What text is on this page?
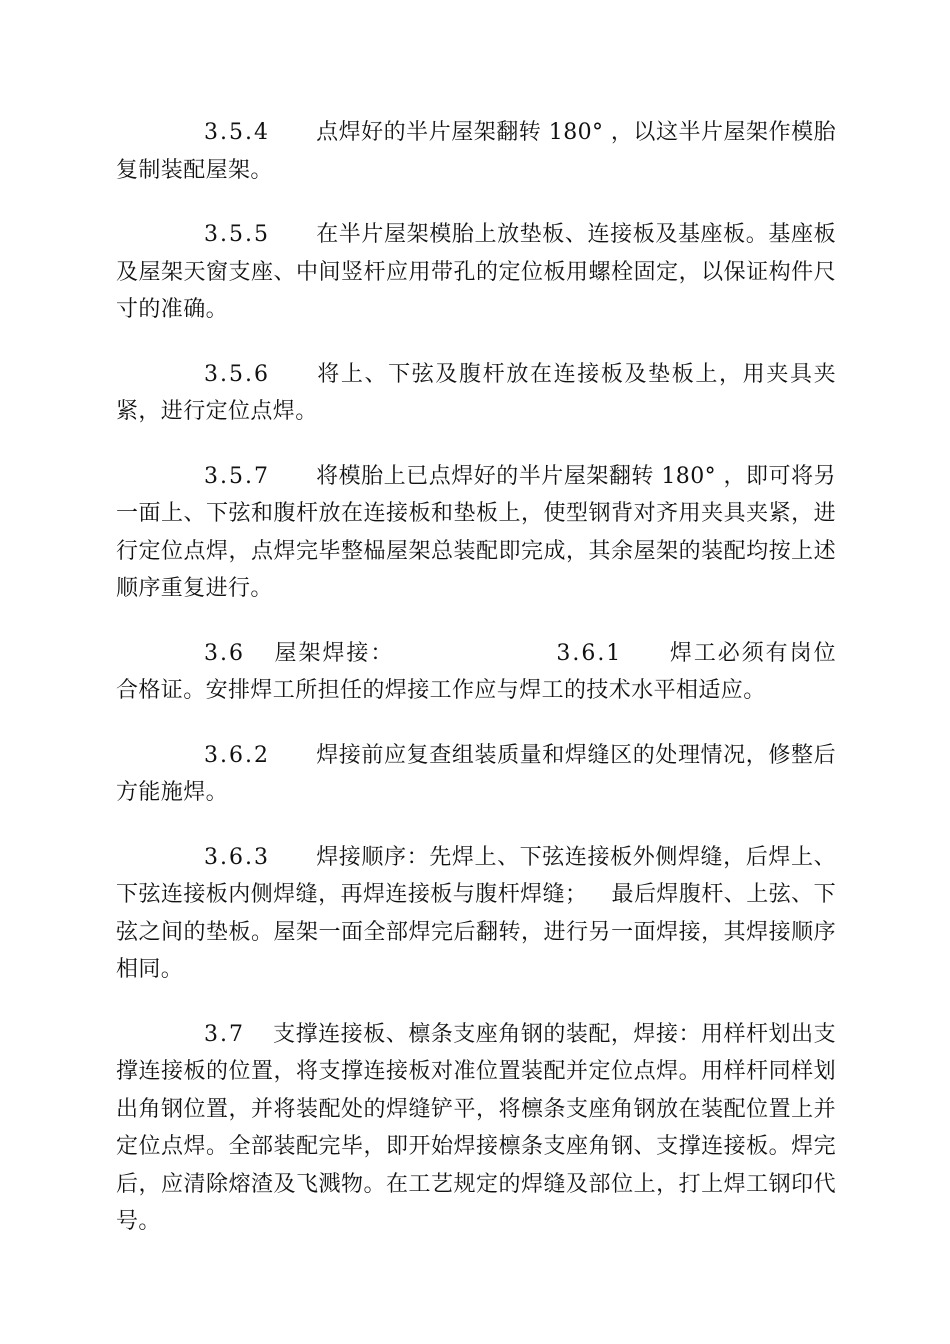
3.5.4 点焊好的半片屋架翻转 180° ，以这半片屋架作模胎复制装配屋架。

3.5.5 在半片屋架模胎上放垫板、连接板及基座板。基座板及屋架天窗支座、中间竖杆应用带孔的定位板用螺栓固定，以保证构件尺寸的准确。

3.5.6 将上、下弦及腹杆放在连接板及垫板上，用夹具夹紧，进行定位点焊。

3.5.7 将模胎上已点焊好的半片屋架翻转 180° ，即可将另一面上、下弦和腹杆放在连接板和垫板上，使型钢背对齐用夹具夹紧，进行定位点焊，点焊完毕整榀屋架总装配即完成，其余屋架的装配均按上述顺序重复进行。

3.6 屋架焊接：	3.6.1 焊工必须有岗位合格证。安排焊工所担任的焊接工作应与焊工的技术水平相适应。

3.6.2 焊接前应复查组装质量和焊缝区的处理情况，修整后方能施焊。

3.6.3 焊接顺序：先焊上、下弦连接板外侧焊缝，后焊上、下弦连接板内侧焊缝，再焊连接板与腹杆焊缝； 最后焊腹杆、上弦、下弦之间的垫板。屋架一面全部焊完后翻转，进行另一面焊接，其焊接顺序相同。

3.7 支撑连接板、檩条支座角钢的装配，焊接：用样杆划出支撑连接板的位置，将支撑连接板对准位置装配并定位点焊。用样杆同样划出角钢位置，并将装配处的焊缝铲平，将檩条支座角钢放在装配位置上并定位点焊。全部装配完毕，即开始焊接檩条支座角钢、支撑连接板。焊完后，应清除熔渣及飞溅物。在工艺规定的焊缝及部位上，打上焊工钢印代号。
